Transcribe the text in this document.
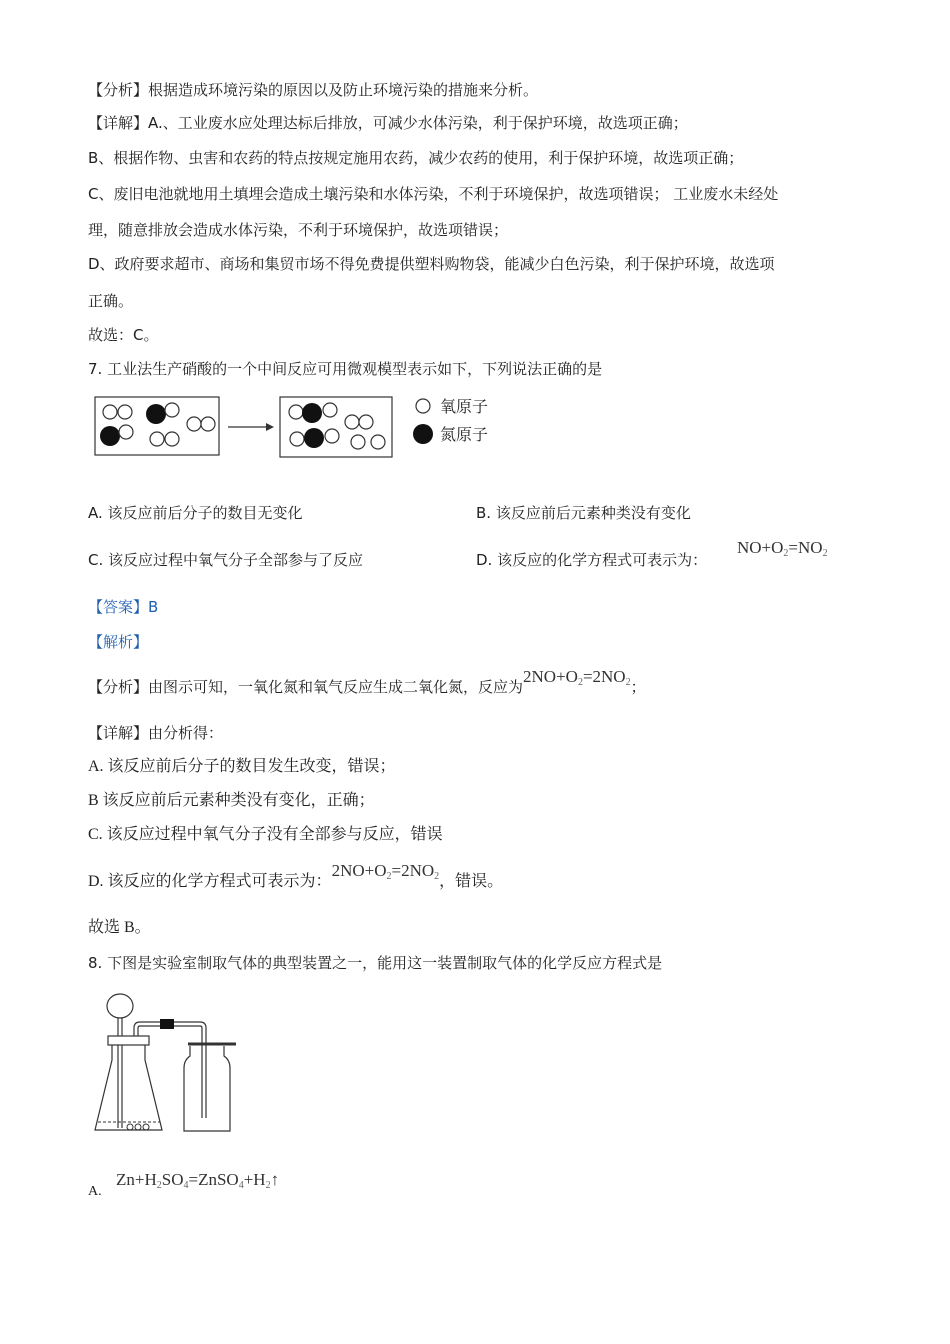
【分析】根据造成环境污染的原因以及防止环境污染的措施来分析。
【详解】A.、工业废水应处理达标后排放，可减少水体污染，利于保护环境，故选项正确；
B、根据作物、虫害和农药的特点按规定施用农药，减少农药的使用，利于保护环境，故选项正确；
C、废旧电池就地用土填埋会造成土壤污染和水体污染，不利于环境保护，故选项错误； 工业废水未经处
理，随意排放会造成水体污染，不利于环境保护，故选项错误；
D、政府要求超市、商场和集贸市场不得免费提供塑料购物袋，能减少白色污染，利于保护环境，故选项
正确。
故选：C。
7. 工业法生产硝酸的一个中间反应可用微观模型表示如下，下列说法正确的是
氧原子
氮原子
A. 该反应前后分子的数目无变化	B. 该反应前后元素种类没有变化
C. 该反应过程中氧气分子全部参与了反应	D. 该反应的化学方程式可表示为：
$NO+O_2=NO_2$
【答案】B
【解析】
【分析】由图示可知，一氧化氮和氧气反应生成二氧化氮，反应为$2NO+O_2=2NO_2$；
【详解】由分析得：
A. 该反应前后分子的数目发生改变，错误；
B 该反应前后元素种类没有变化，正确；
C. 该反应过程中氧气分子没有全部参与反应，错误
D. 该反应的化学方程式可表示为：$2NO+O_2=2NO_2$，错误。
故选 B。
8. 下图是实验室制取气体的典型装置之一，能用这一装置制取气体的化学反应方程式是
A.
$Zn+H_2SO_4=ZnSO_4+H_2↑$
